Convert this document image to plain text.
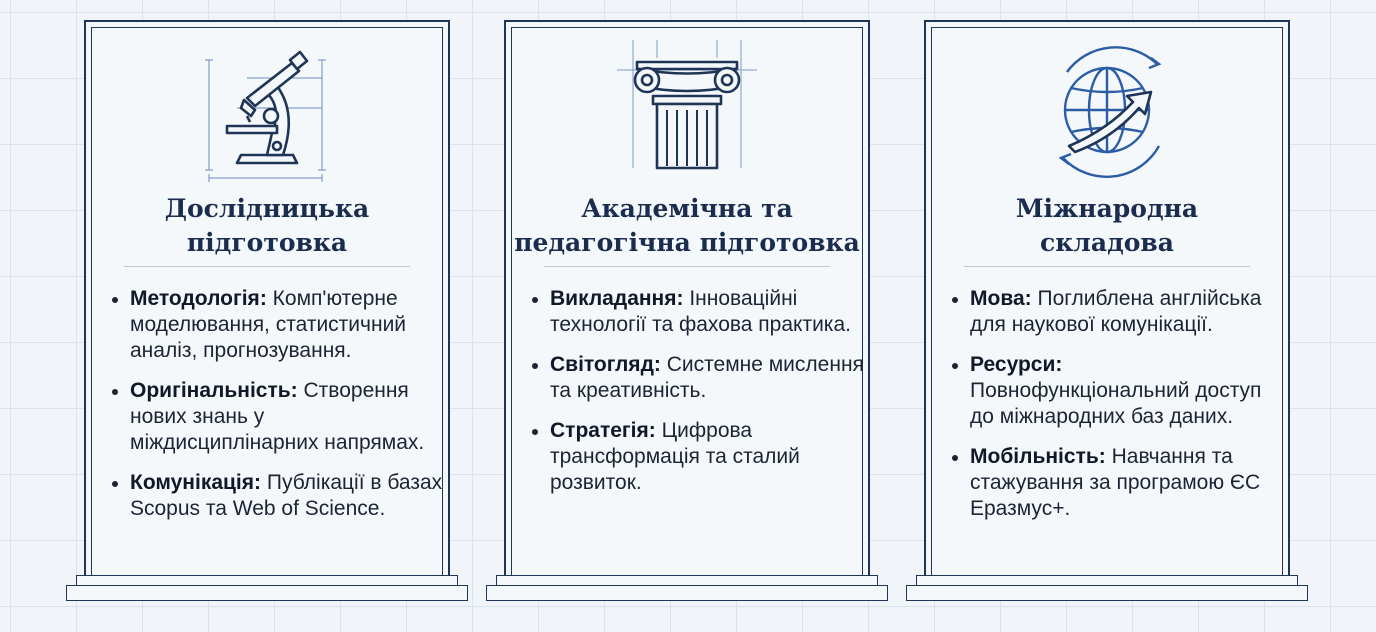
Дослідницька
підготовка
• Методологія: Комп'ютерне моделювання, статистичний аналіз, прогнозування.
• Оригінальність: Створення нових знань у міждисциплінарних напрямах.
• Комунікація: Публікації в базах Scopus та Web of Science.
Академічна та
педагогічна підготовка
• Викладання: Інноваційні технології та фахова практика.
• Світогляд: Системне мислення та креативність.
• Стратегія: Цифрова трансформація та сталий розвиток.
Міжнародна
складова
• Мова: Поглиблена англійська для наукової комунікації.
• Ресурси: Повнофункціональний доступ до міжнародних баз даних.
• Мобільність: Навчання та стажування за програмою ЄС Еразмус+.
